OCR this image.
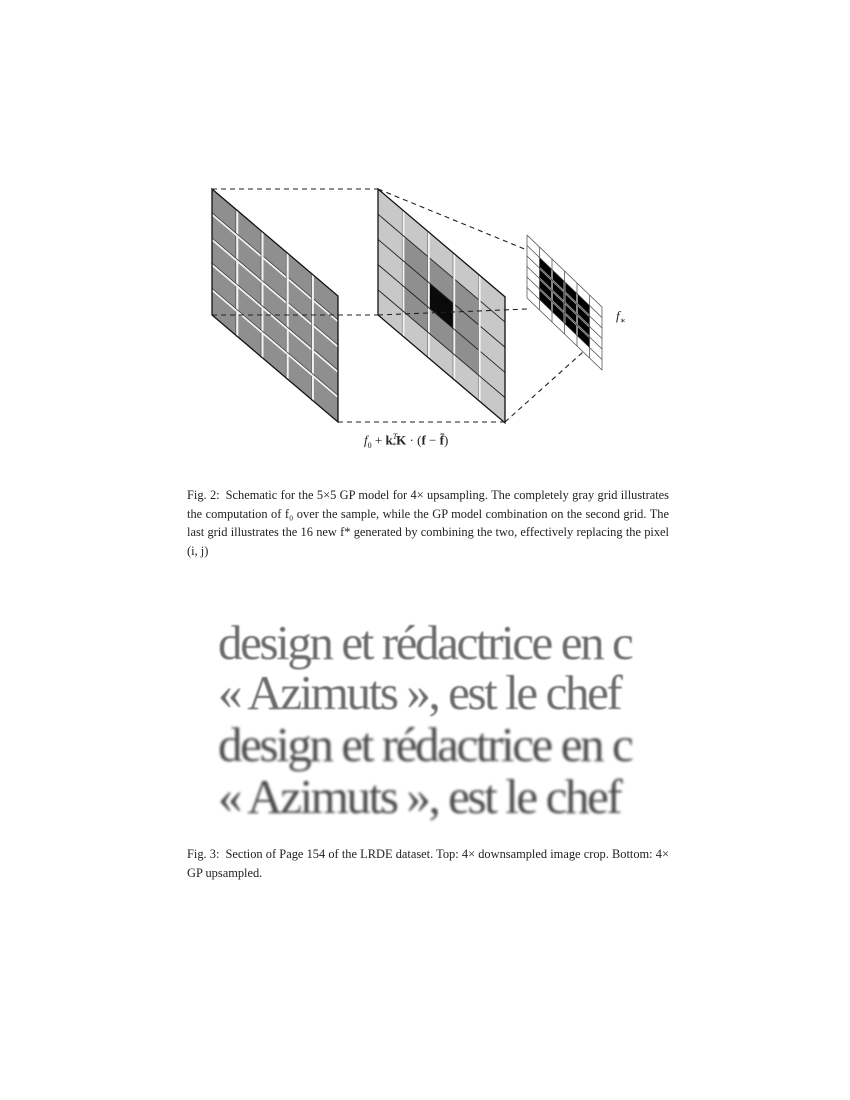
$f_∗$
$f_0 + k^T_*K \cdot (f$ − f̄)
Fig. 2: Schematic for the 5×5 GP model for 4× upsampling. The completely gray grid illustrates the computation of f₀ over the sample, while the GP model combination on the second grid. The last grid illustrates the 16 new f* generated by combining the two, effectively replacing the pixel (i, j)
design et rédactrice en c
« Azimuts », est le chef
design et rédactrice en c
« Azimuts », est le chef
Fig. 3: Section of Page 154 of the LRDE dataset. Top: 4× downsampled image crop. Bottom: 4× GP upsampled.
